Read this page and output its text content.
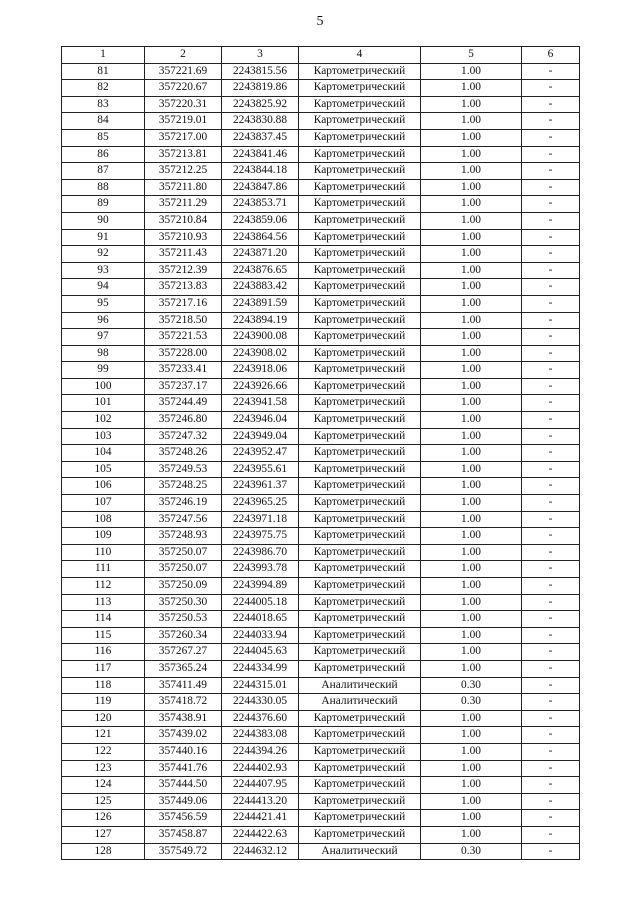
5
1	2	3	4	5	6
81	357221.69	2243815.56	Картометрический	1.00	-
82	357220.67	2243819.86	Картометрический	1.00	-
83	357220.31	2243825.92	Картометрический	1.00	-
84	357219.01	2243830.88	Картометрический	1.00	-
85	357217.00	2243837.45	Картометрический	1.00	-
86	357213.81	2243841.46	Картометрический	1.00	-
87	357212.25	2243844.18	Картометрический	1.00	-
88	357211.80	2243847.86	Картометрический	1.00	-
89	357211.29	2243853.71	Картометрический	1.00	-
90	357210.84	2243859.06	Картометрический	1.00	-
91	357210.93	2243864.56	Картометрический	1.00	-
92	357211.43	2243871.20	Картометрический	1.00	-
93	357212.39	2243876.65	Картометрический	1.00	-
94	357213.83	2243883.42	Картометрический	1.00	-
95	357217.16	2243891.59	Картометрический	1.00	-
96	357218.50	2243894.19	Картометрический	1.00	-
97	357221.53	2243900.08	Картометрический	1.00	-
98	357228.00	2243908.02	Картометрический	1.00	-
99	357233.41	2243918.06	Картометрический	1.00	-
100	357237.17	2243926.66	Картометрический	1.00	-
101	357244.49	2243941.58	Картометрический	1.00	-
102	357246.80	2243946.04	Картометрический	1.00	-
103	357247.32	2243949.04	Картометрический	1.00	-
104	357248.26	2243952.47	Картометрический	1.00	-
105	357249.53	2243955.61	Картометрический	1.00	-
106	357248.25	2243961.37	Картометрический	1.00	-
107	357246.19	2243965.25	Картометрический	1.00	-
108	357247.56	2243971.18	Картометрический	1.00	-
109	357248.93	2243975.75	Картометрический	1.00	-
110	357250.07	2243986.70	Картометрический	1.00	-
111	357250.07	2243993.78	Картометрический	1.00	-
112	357250.09	2243994.89	Картометрический	1.00	-
113	357250.30	2244005.18	Картометрический	1.00	-
114	357250.53	2244018.65	Картометрический	1.00	-
115	357260.34	2244033.94	Картометрический	1.00	-
116	357267.27	2244045.63	Картометрический	1.00	-
117	357365.24	2244334.99	Картометрический	1.00	-
118	357411.49	2244315.01	Аналитический	0.30	-
119	357418.72	2244330.05	Аналитический	0.30	-
120	357438.91	2244376.60	Картометрический	1.00	-
121	357439.02	2244383.08	Картометрический	1.00	-
122	357440.16	2244394.26	Картометрический	1.00	-
123	357441.76	2244402.93	Картометрический	1.00	-
124	357444.50	2244407.95	Картометрический	1.00	-
125	357449.06	2244413.20	Картометрический	1.00	-
126	357456.59	2244421.41	Картометрический	1.00	-
127	357458.87	2244422.63	Картометрический	1.00	-
128	357549.72	2244632.12	Аналитический	0.30	-
